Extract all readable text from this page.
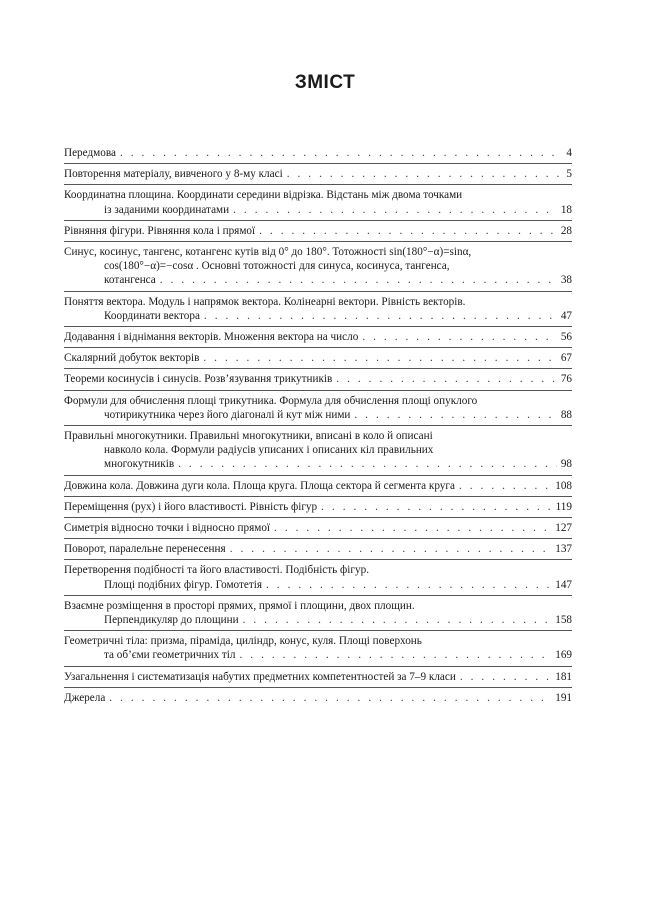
ЗМІСТ
Передмова . . .	4
Повторення матеріалу, вивченого у 8-му класі . . .	5
Координатна площина. Координати середини відрізка. Відстань між двома точками
із заданими координатами . . .	18
Рівняння фігури. Рівняння кола і прямої . . .	28
Синус, косинус, тангенс, котангенс кутів від 0° до 180°. Тотожності sin(180°−α)=sinα,
cos(180°−α)=−cosα . Основні тотожності для синуса, косинуса, тангенса,
котангенса . . .	38
Поняття вектора. Модуль і напрямок вектора. Колінеарні вектори. Рівність векторів.
Координати вектора . . .	47
Додавання і віднімання векторів. Множення вектора на число . . .	56
Скалярний добуток векторів . . .	67
Теореми косинусів і синусів. Розв’язування трикутників . . .	76
Формули для обчислення площі трикутника. Формула для обчислення площі опуклого
чотирикутника через його діагоналі й кут між ними . . .	88
Правильні многокутники. Правильні многокутники, вписані в коло й описані
навколо кола. Формули радіусів уписаних і описаних кіл правильних
многокутників . . .	98
Довжина кола. Довжина дуги кола. Площа круга. Площа сектора й сегмента круга . . .	108
Переміщення (рух) і його властивості. Рівність фігур . . .	119
Симетрія відносно точки і відносно прямої . . .	127
Поворот, паралельне перенесення . . .	137
Перетворення подібності та його властивості. Подібність фігур.
Площі подібних фігур. Гомотетія . . .	147
Взаємне розміщення в просторі прямих, прямої і площини, двох площин.
Перпендикуляр до площини . . .	158
Геометричні тіла: призма, піраміда, циліндр, конус, куля. Площі поверхонь
та об’єми геометричних тіл . . .	169
Узагальнення і систематизація набутих предметних компетентностей за 7–9 класи . . .	181
Джерела . . .	191
